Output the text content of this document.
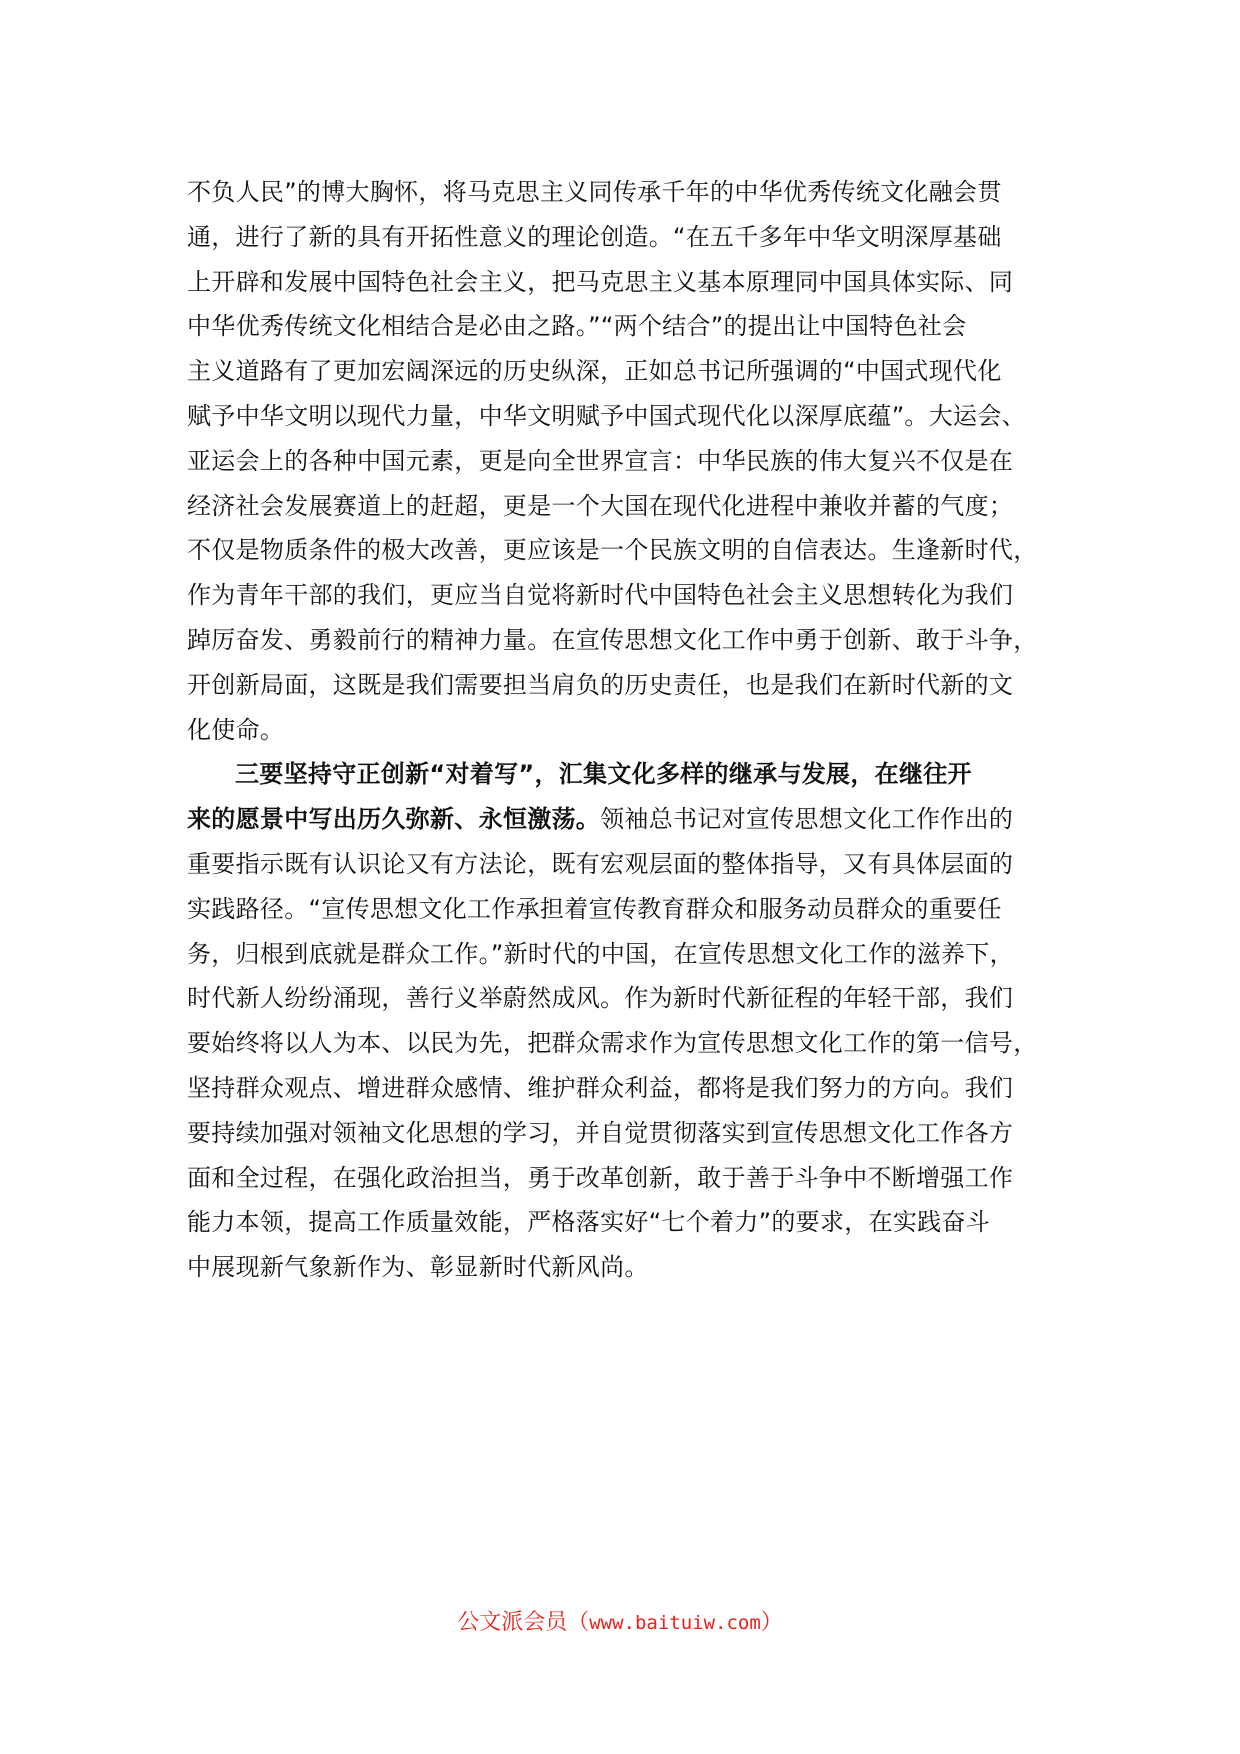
不负人民”的博大胸怀，将马克思主义同传承千年的中华优秀传统文化融会贯
通，进行了新的具有开拓性意义的理论创造。“在五千多年中华文明深厚基础
上开辟和发展中国特色社会主义，把马克思主义基本原理同中国具体实际、同
中华优秀传统文化相结合是必由之路。”“两个结合”的提出让中国特色社会
主义道路有了更加宏阔深远的历史纵深，正如总书记所强调的“中国式现代化
赋予中华文明以现代力量，中华文明赋予中国式现代化以深厚底蕴”。大运会、
亚运会上的各种中国元素，更是向全世界宣言：中华民族的伟大复兴不仅是在
经济社会发展赛道上的赶超，更是一个大国在现代化进程中兼收并蓄的气度；
不仅是物质条件的极大改善，更应该是一个民族文明的自信表达。生逢新时代，
作为青年干部的我们，更应当自觉将新时代中国特色社会主义思想转化为我们
踔厉奋发、勇毅前行的精神力量。在宣传思想文化工作中勇于创新、敢于斗争，
开创新局面，这既是我们需要担当肩负的历史责任，也是我们在新时代新的文
化使命。
三要坚持守正创新“对着写”，汇集文化多样的继承与发展，在继往开
来的愿景中写出历久弥新、永恒激荡。领袖总书记对宣传思想文化工作作出的
重要指示既有认识论又有方法论，既有宏观层面的整体指导，又有具体层面的
实践路径。“宣传思想文化工作承担着宣传教育群众和服务动员群众的重要任
务，归根到底就是群众工作。”新时代的中国，在宣传思想文化工作的滋养下，
时代新人纷纷涌现，善行义举蔚然成风。作为新时代新征程的年轻干部，我们
要始终将以人为本、以民为先，把群众需求作为宣传思想文化工作的第一信号，
坚持群众观点、增进群众感情、维护群众利益，都将是我们努力的方向。我们
要持续加强对领袖文化思想的学习，并自觉贯彻落实到宣传思想文化工作各方
面和全过程，在强化政治担当，勇于改革创新，敢于善于斗争中不断增强工作
能力本领，提高工作质量效能，严格落实好“七个着力”的要求，在实践奋斗
中展现新气象新作为、彰显新时代新风尚。
公文派会员（www.baituiw.com）
